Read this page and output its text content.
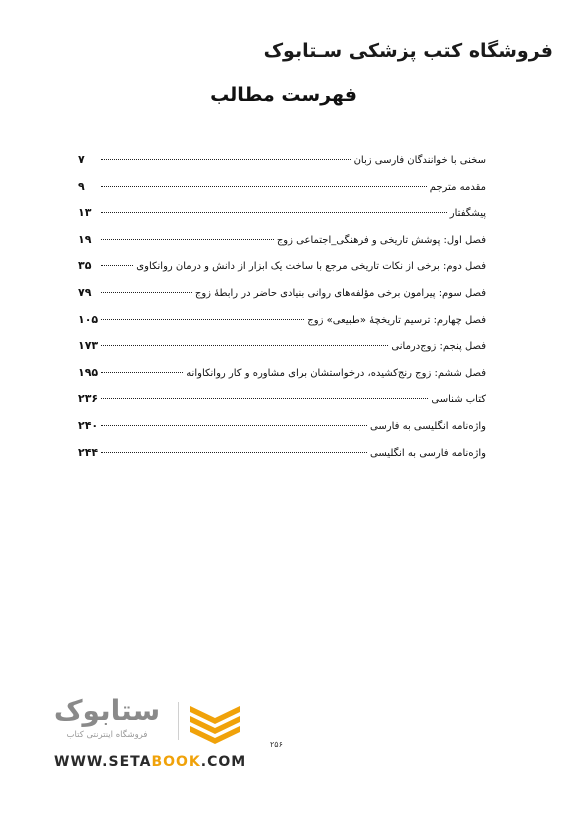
فروشگاه کتب پزشکی سـتابوک
فهرست مطالب
سخنی با خوانندگان فارسی زبان
۷
مقدمه مترجم
۹
پیشگفتار
۱۳
فصل اول: پوشش تاریخی و فرهنگی_اجتماعی زوج
۱۹
فصل دوم: برخی از نکات تاریخی مرجع با ساخت یک ابزار از دانش و درمان روانکاوی
۳۵
فصل سوم: پیرامون برخی مؤلفه‌های روانی بنیادی حاضر در رابطهٔ زوج
۷۹
فصل چهارم: ترسیم تاریخچهٔ «طبیعی» زوج
۱۰۵
فصل پنجم: زوج‌درمانی
۱۷۳
فصل ششم: زوج رنج‌کشیده، درخواستشان برای مشاوره و کار روانکاوانه
۱۹۵
کتاب شناسی
۲۳۶
واژه‌نامه انگلیسی به فارسی
۲۴۰
واژه‌نامه فارسی به انگلیسی
۲۴۴
۲۵۶
ستابوک
فروشگاه اینترنتی کتاب
WWW.SETABOOK.COM
